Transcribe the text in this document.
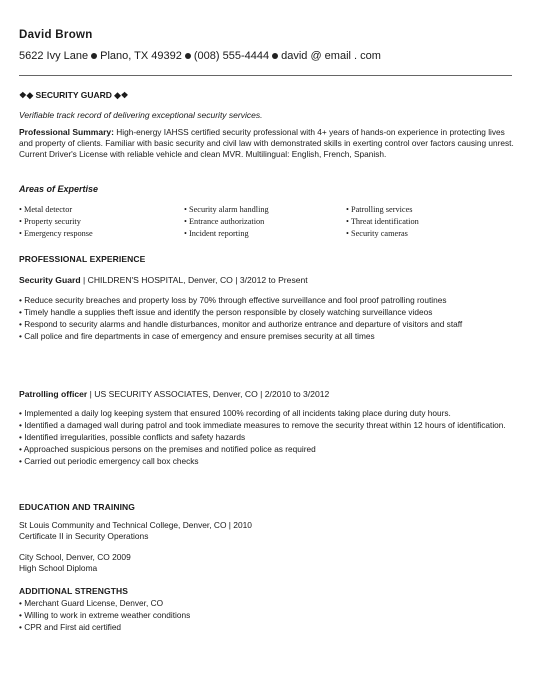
David Brown

5622 Ivy Lane Plano, TX 49392 (008) 555-4444 david @ email . com
❖◆ SECURITY GUARD ◆❖
Verifiable track record of delivering exceptional security services.
Professional Summary: High-energy IAHSS certified security professional with 4+ years of hands-on experience in protecting lives and property of clients. Familiar with basic security and civil law with demonstrated skills in exerting control over factors causing unrest. Current Driver's License with reliable vehicle and clean MVR. Multilingual: English, French, Spanish.
Areas of Expertise
• Metal detector	• Security alarm handling	• Patrolling services
• Property security	• Entrance authorization	• Threat identification
• Emergency response	• Incident reporting	• Security cameras
PROFESSIONAL EXPERIENCE
Security Guard | CHILDREN'S HOSPITAL, Denver, CO | 3/2012 to Present
• Reduce security breaches and property loss by 70% through effective surveillance and fool proof patrolling routines
• Timely handle a supplies theft issue and identify the person responsible by closely watching surveillance videos
• Respond to security alarms and handle disturbances, monitor and authorize entrance and departure of visitors and staff
• Call police and fire departments in case of emergency and ensure premises security at all times
Patrolling officer | US SECURITY ASSOCIATES, Denver, CO | 2/2010 to 3/2012
• Implemented a daily log keeping system that ensured 100% recording of all incidents taking place during duty hours.
• Identified a damaged wall during patrol and took immediate measures to remove the security threat within 12 hours of identification.
• Identified irregularities, possible conflicts and safety hazards
• Approached suspicious persons on the premises and notified police as required
• Carried out periodic emergency call box checks
EDUCATION AND TRAINING
St Louis Community and Technical College, Denver, CO | 2010
Certificate II in Security Operations
City School, Denver, CO 2009
High School Diploma
ADDITIONAL STRENGTHS
• Merchant Guard License, Denver, CO
• Willing to work in extreme weather conditions
• CPR and First aid certified
